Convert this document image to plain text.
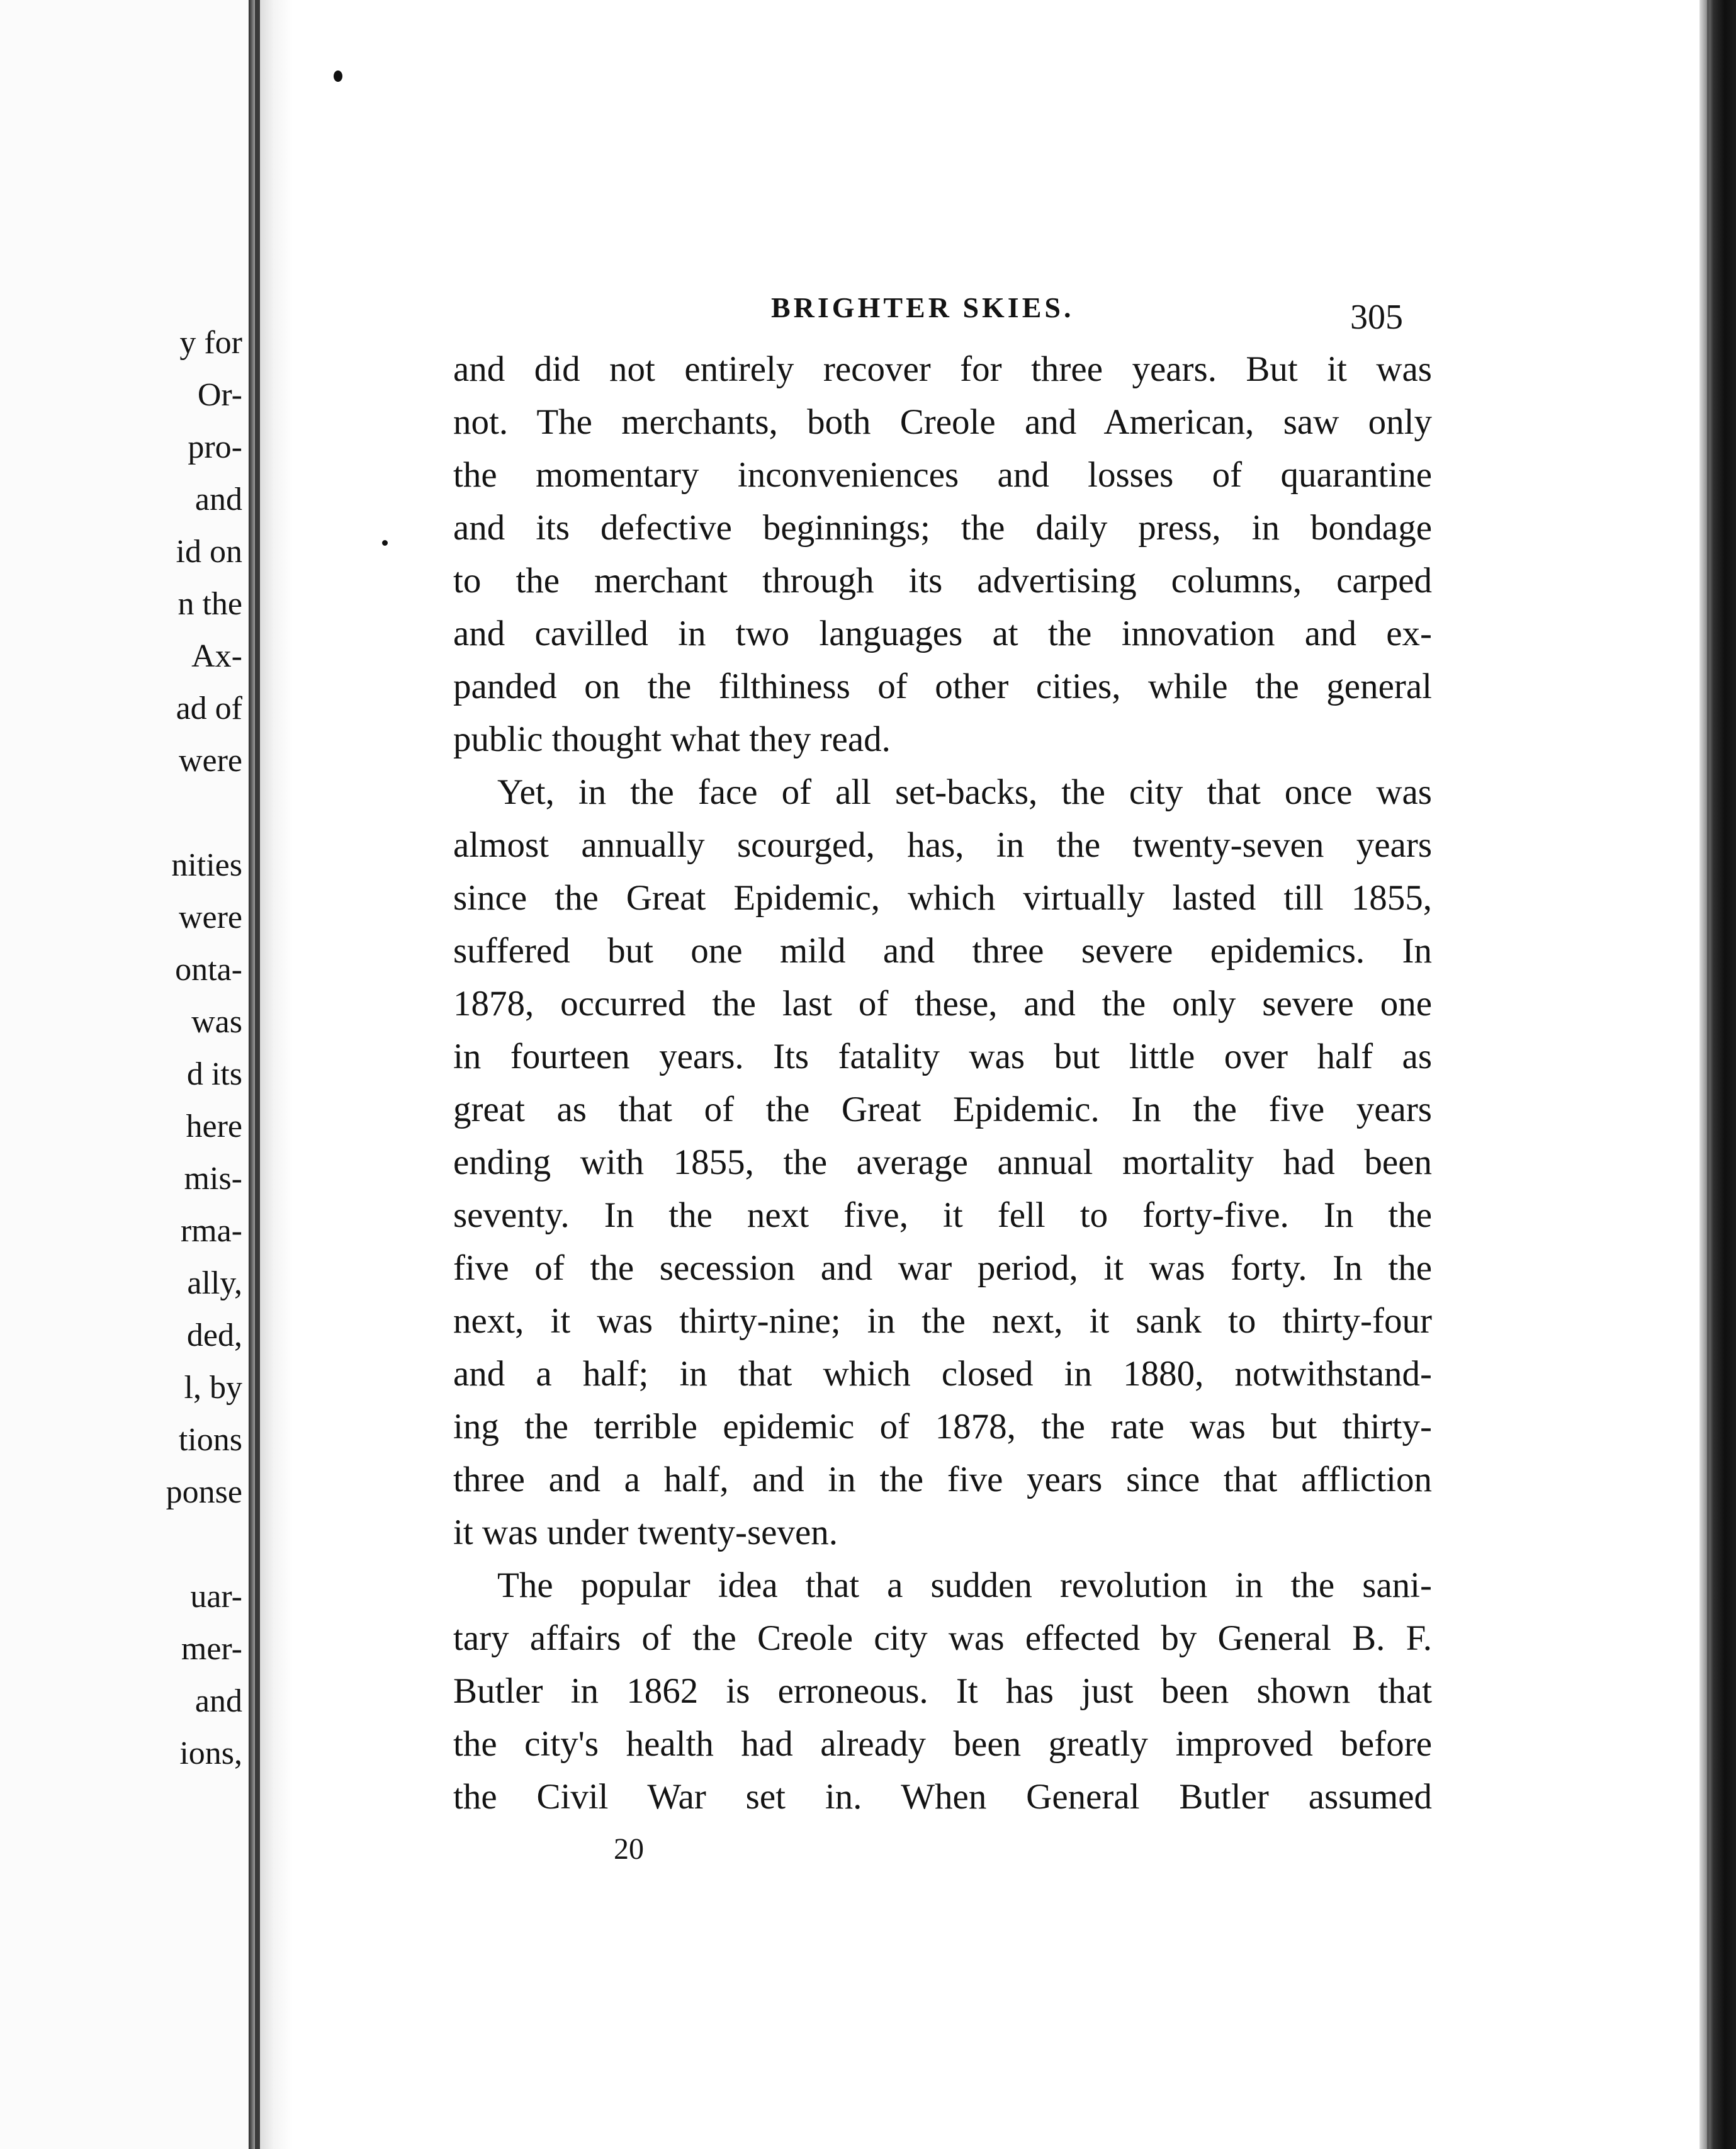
y for
Or-
pro-
and
id on
n the
Ax-
ad of
were
nities
were
onta-
was
d its
here
mis-
rma-
ally,
ded,
l, by
tions
ponse
uar-
mer-
and
ions,
BRIGHTER SKIES.	305
and did not entirely recover for three years. But it was
not. The merchants, both Creole and American, saw only
the momentary inconveniences and losses of quarantine
and its defective beginnings; the daily press, in bondage
to the merchant through its advertising columns, carped
and cavilled in two languages at the innovation and ex-
panded on the filthiness of other cities, while the general
public thought what they read.
Yet, in the face of all set-backs, the city that once was
almost annually scourged, has, in the twenty-seven years
since the Great Epidemic, which virtually lasted till 1855,
suffered but one mild and three severe epidemics. In
1878, occurred the last of these, and the only severe one
in fourteen years. Its fatality was but little over half as
great as that of the Great Epidemic. In the five years
ending with 1855, the average annual mortality had been
seventy. In the next five, it fell to forty-five. In the
five of the secession and war period, it was forty. In the
next, it was thirty-nine; in the next, it sank to thirty-four
and a half; in that which closed in 1880, notwithstand-
ing the terrible epidemic of 1878, the rate was but thirty-
three and a half, and in the five years since that affliction
it was under twenty-seven.
The popular idea that a sudden revolution in the sani-
tary affairs of the Creole city was effected by General B. F.
Butler in 1862 is erroneous. It has just been shown that
the city's health had already been greatly improved before
the Civil War set in. When General Butler assumed
20
